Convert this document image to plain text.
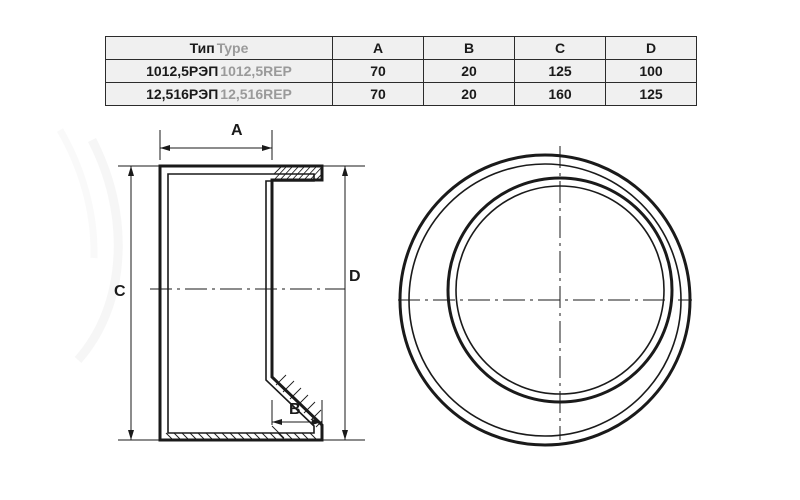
Тип Type	A	B	C	D

1012,5РЭП 1012,5REP	70	20	125	100

12,516РЭП 12,516REP	70	20	160	125
A
C
D
B
